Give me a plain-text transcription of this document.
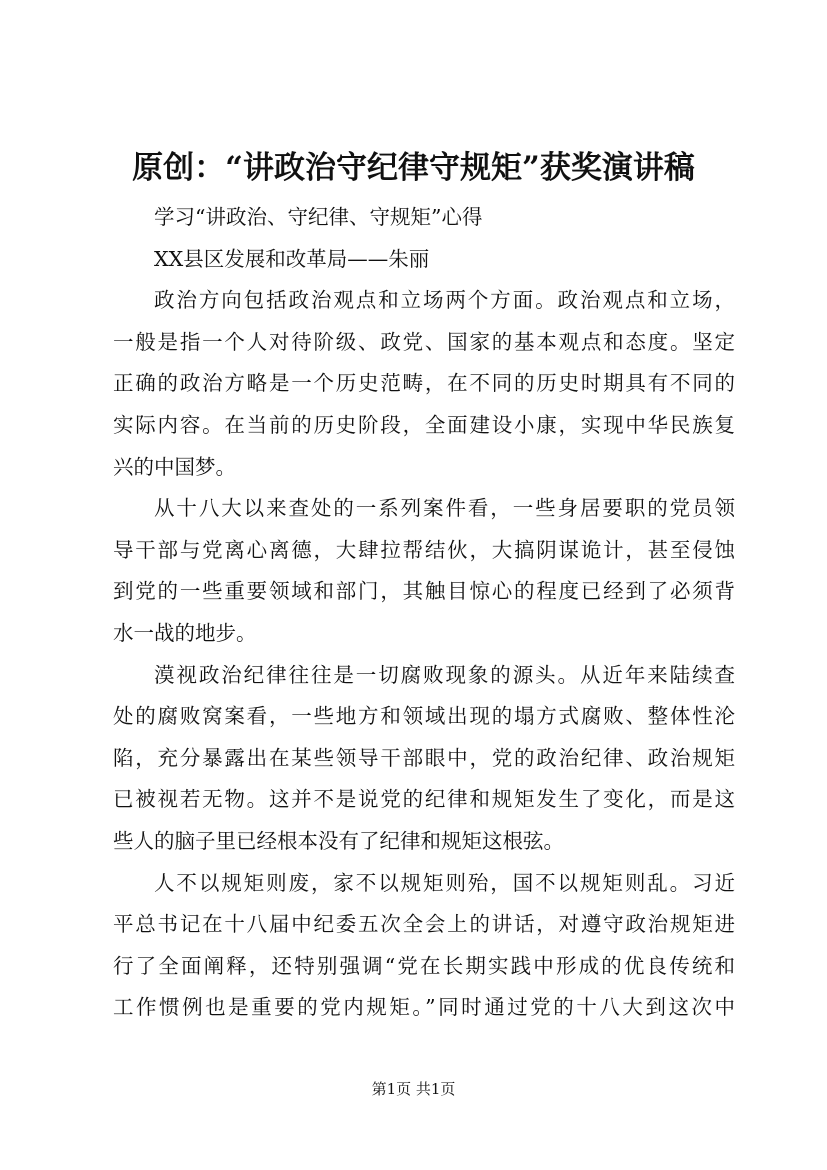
原创：“讲政治守纪律守规矩”获奖演讲稿
学习“讲政治、守纪律、守规矩”心得
XX县区发展和改革局——朱丽
政治方向包括政治观点和立场两个方面。政治观点和立场，
一般是指一个人对待阶级、政党、国家的基本观点和态度。坚定
正确的政治方略是一个历史范畴，在不同的历史时期具有不同的
实际内容。在当前的历史阶段，全面建设小康，实现中华民族复
兴的中国梦。
从十八大以来查处的一系列案件看，一些身居要职的党员领
导干部与党离心离德，大肆拉帮结伙，大搞阴谋诡计，甚至侵蚀
到党的一些重要领域和部门，其触目惊心的程度已经到了必须背
水一战的地步。
漠视政治纪律往往是一切腐败现象的源头。从近年来陆续查
处的腐败窝案看，一些地方和领域出现的塌方式腐败、整体性沦
陷，充分暴露出在某些领导干部眼中，党的政治纪律、政治规矩
已被视若无物。这并不是说党的纪律和规矩发生了变化，而是这
些人的脑子里已经根本没有了纪律和规矩这根弦。
人不以规矩则废，家不以规矩则殆，国不以规矩则乱。习近
平总书记在十八届中纪委五次全会上的讲话，对遵守政治规矩进
行了全面阐释，还特别强调“党在长期实践中形成的优良传统和
工作惯例也是重要的党内规矩。”同时通过党的十八大到这次中
第1页 共1页
